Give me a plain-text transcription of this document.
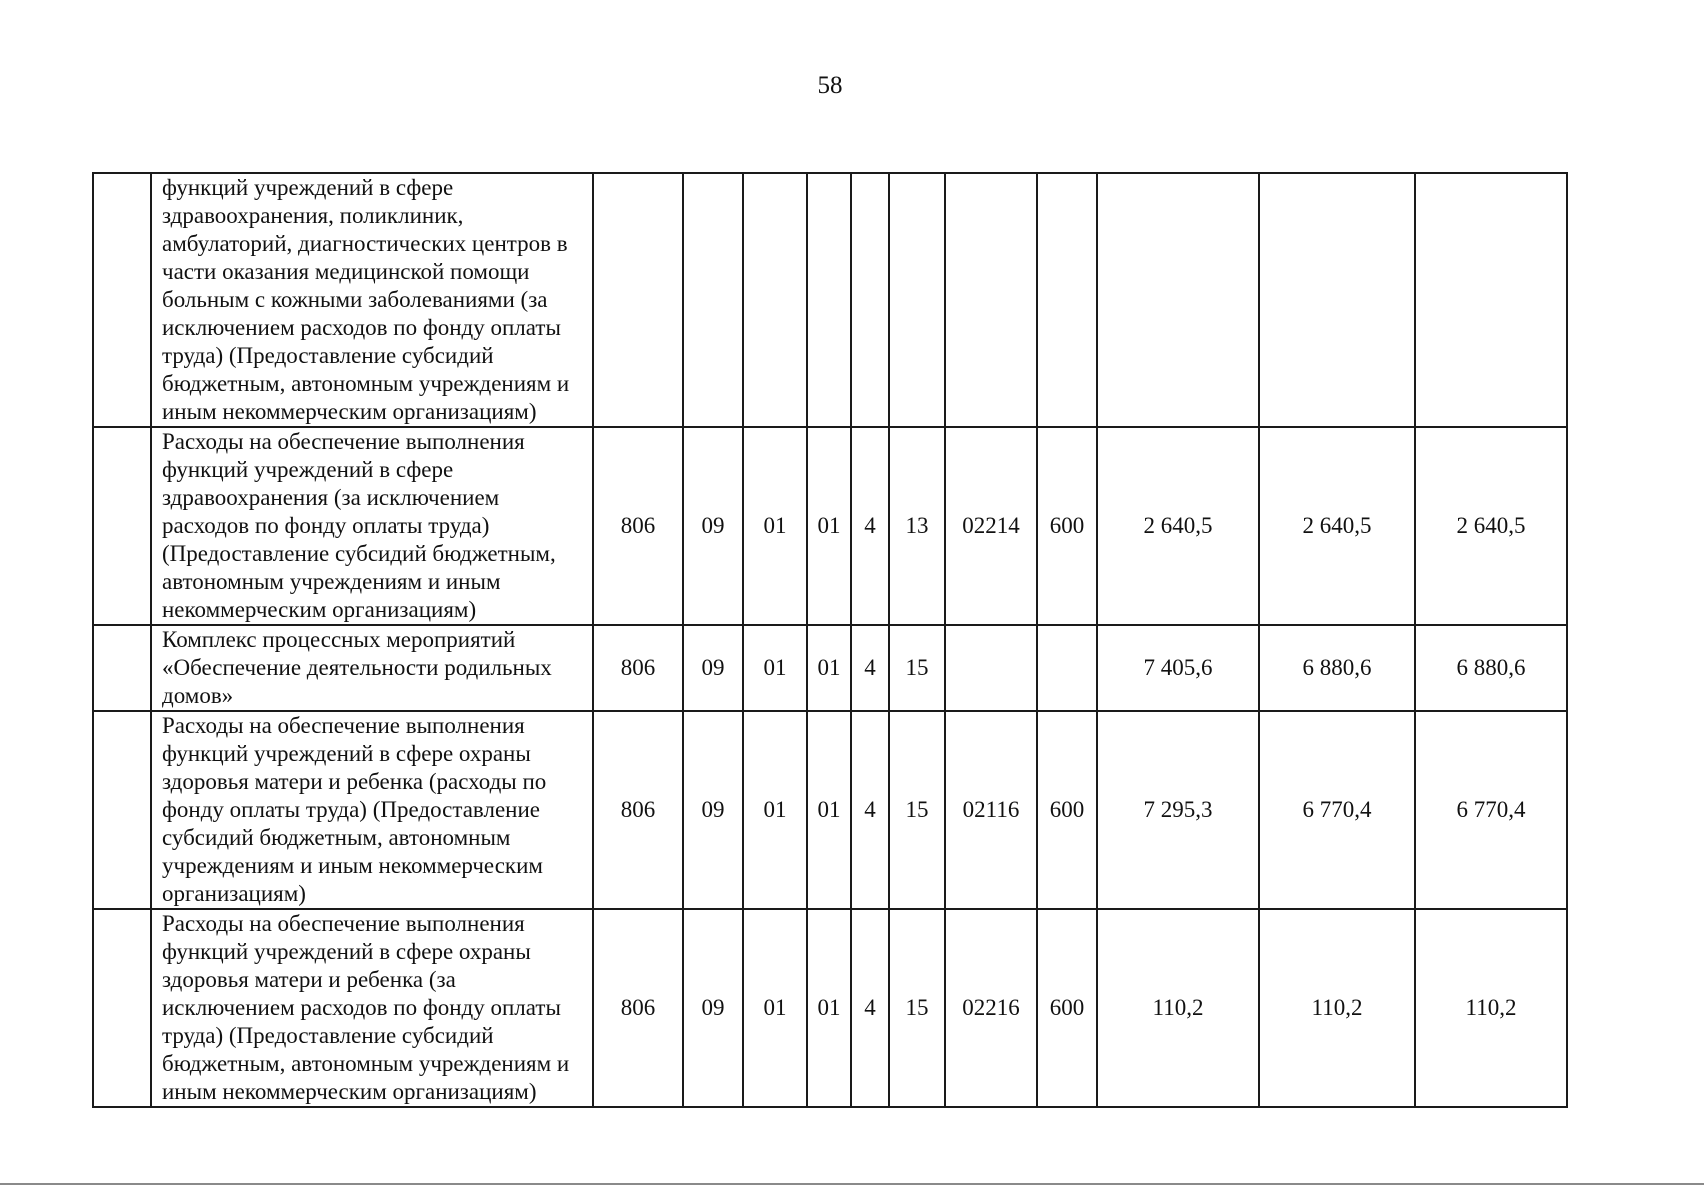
58
	функций учреждений в сфере здравоохранения, поликлиник, амбулаторий, диагностических центров в части оказания медицинской помощи больным с кожными заболеваниями (за исключением расходов по фонду оплаты труда) (Предоставление субсидий бюджетным, автономным учреждениям и иным некоммерческим организациям)											
	Расходы на обеспечение выполнения функций учреждений в сфере здравоохранения (за исключением расходов по фонду оплаты труда) (Предоставление субсидий бюджетным, автономным учреждениям и иным некоммерческим организациям)	806	09	01	01	4	13	02214	600	2 640,5	2 640,5	2 640,5
	Комплекс процессных мероприятий «Обеспечение деятельности родильных домов»	806	09	01	01	4	15			7 405,6	6 880,6	6 880,6
	Расходы на обеспечение выполнения функций учреждений в сфере охраны здоровья матери и ребенка (расходы по фонду оплаты труда) (Предоставление субсидий бюджетным, автономным учреждениям и иным некоммерческим организациям)	806	09	01	01	4	15	02116	600	7 295,3	6 770,4	6 770,4
	Расходы на обеспечение выполнения функций учреждений в сфере охраны здоровья матери и ребенка (за исключением расходов по фонду оплаты труда) (Предоставление субсидий бюджетным, автономным учреждениям и иным некоммерческим организациям)	806	09	01	01	4	15	02216	600	110,2	110,2	110,2
